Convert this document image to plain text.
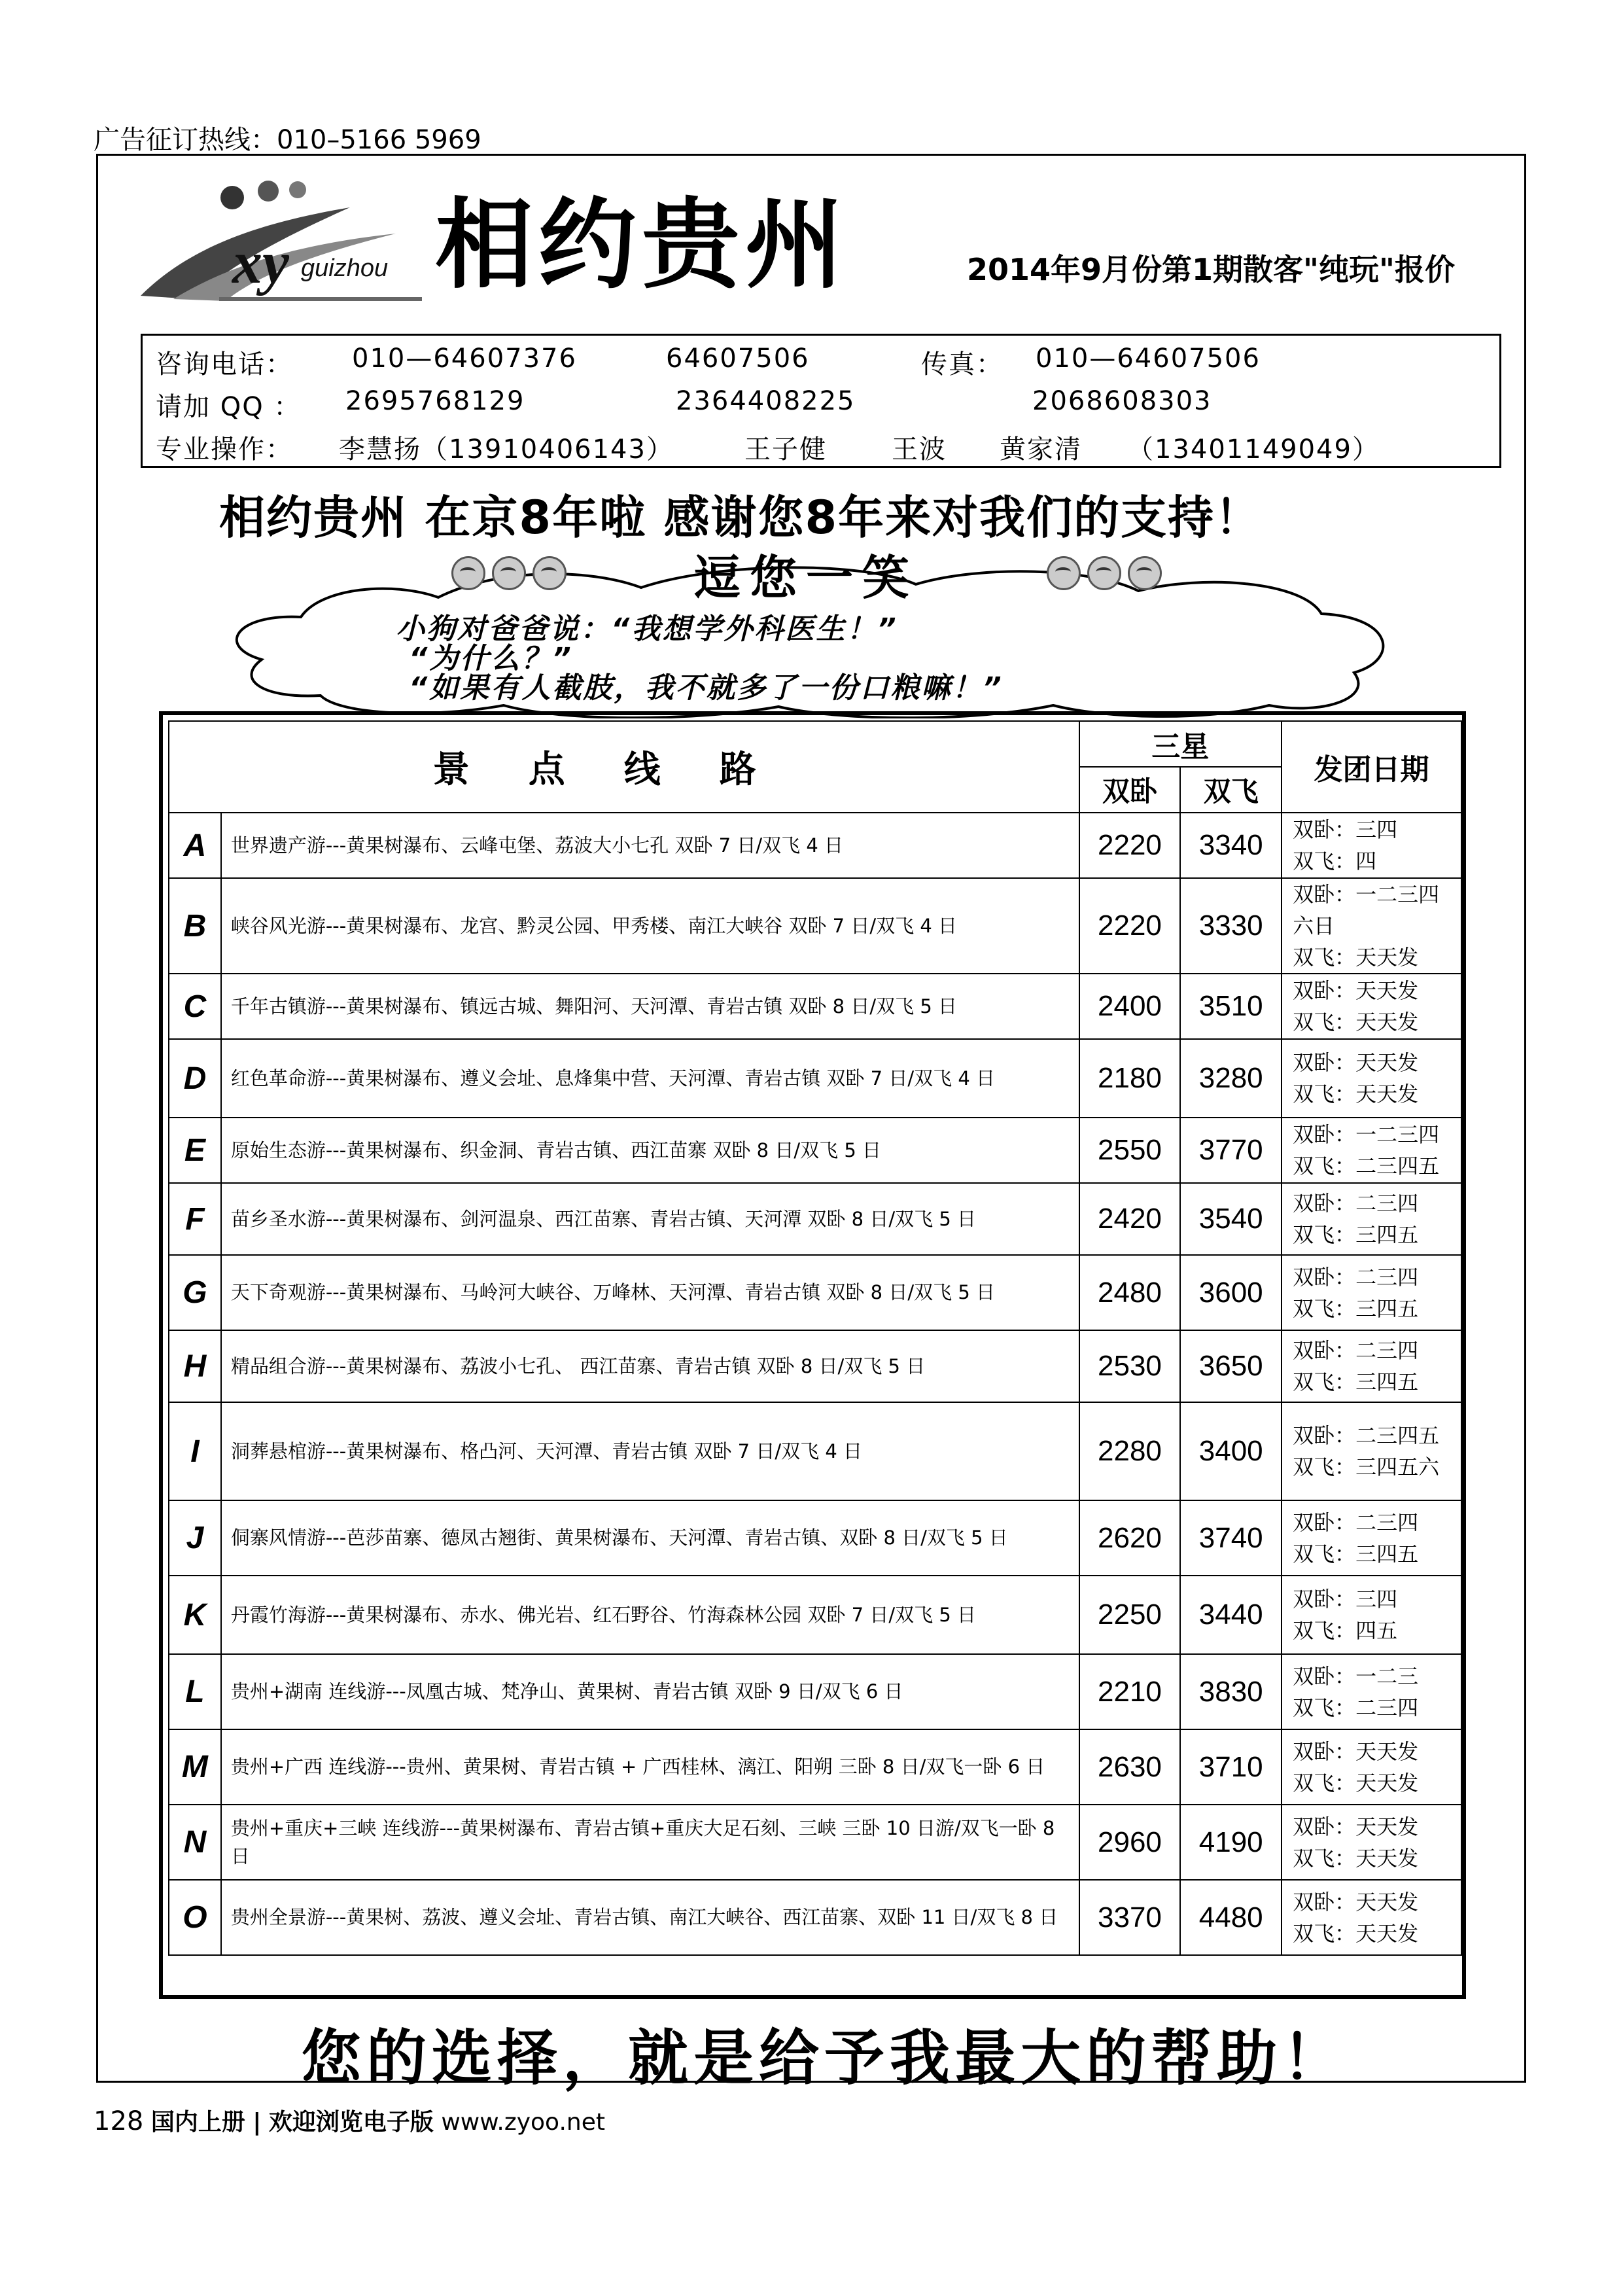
广告征订热线：010–5166 5969
xy guizhou 相约贵州	2014年9月份第1期散客"纯玩"报价
咨询电话： 010—64607376	64607506	传真： 010—64607506
请加 QQ ： 2695768129	2364408225	2068608303
专业操作： 李慧扬（13910406143）	王子健 王波 黄家清 （13401149049）
相约贵州 在京8年啦 感谢您8年来对我们的支持！
逗您一笑
小狗对爸爸说：“我想学外科医生！”
“为什么？”
“如果有人截肢，我不就多了一份口粮嘛！”
景点线路		三星		发团日期
		双卧	双飞	
A	世界遗产游---黄果树瀑布、云峰屯堡、荔波大小七孔 双卧 7 日/双飞 4 日	2220	3340	双卧：三四
双飞：四

B	峡谷风光游---黄果树瀑布、龙宫、黔灵公园、甲秀楼、南江大峡谷 双卧 7 日/双飞 4 日	2220	3330	双卧：一二三四
六日
双飞：天天发

C	千年古镇游---黄果树瀑布、镇远古城、舞阳河、天河潭、青岩古镇 双卧 8 日/双飞 5 日	2400	3510	双卧：天天发
双飞：天天发

D	红色革命游---黄果树瀑布、遵义会址、息烽集中营、天河潭、青岩古镇 双卧 7 日/双飞 4 日	2180	3280	双卧：天天发
双飞：天天发

E	原始生态游---黄果树瀑布、织金洞、青岩古镇、西江苗寨 双卧 8 日/双飞 5 日	2550	3770	双卧：一二三四
双飞：二三四五

F	苗乡圣水游---黄果树瀑布、剑河温泉、西江苗寨、青岩古镇、天河潭 双卧 8 日/双飞 5 日	2420	3540	双卧：二三四
双飞：三四五

G	天下奇观游---黄果树瀑布、马岭河大峡谷、万峰林、天河潭、青岩古镇 双卧 8 日/双飞 5 日	2480	3600	双卧：二三四
双飞：三四五

H	精品组合游---黄果树瀑布、荔波小七孔、 西江苗寨、青岩古镇 双卧 8 日/双飞 5 日	2530	3650	双卧：二三四
双飞：三四五

I	洞葬悬棺游---黄果树瀑布、格凸河、天河潭、青岩古镇 双卧 7 日/双飞 4 日	2280	3400	双卧：二三四五
双飞：三四五六

J	侗寨风情游---芭莎苗寨、德凤古翘街、黄果树瀑布、天河潭、青岩古镇、双卧 8 日/双飞 5 日	2620	3740	双卧：二三四
双飞：三四五

K	丹霞竹海游---黄果树瀑布、赤水、佛光岩、红石野谷、竹海森林公园 双卧 7 日/双飞 5 日	2250	3440	双卧：三四
双飞：四五

L	贵州+湖南 连线游---凤凰古城、梵净山、黄果树、青岩古镇 双卧 9 日/双飞 6 日	2210	3830	双卧：一二三
双飞：二三四

M	贵州+广西 连线游---贵州、黄果树、青岩古镇 + 广西桂林、漓江、阳朔 三卧 8 日/双飞一卧 6 日	2630	3710	双卧：天天发
双飞：天天发

N	贵州+重庆+三峡 连线游---黄果树瀑布、青岩古镇+重庆大足石刻、三峡 三卧 10 日游/双飞一卧 8 日	2960	4190	双卧：天天发
双飞：天天发

O	贵州全景游---黄果树、荔波、遵义会址、青岩古镇、南江大峡谷、西江苗寨、双卧 11 日/双飞 8 日	3370	4480	双卧：天天发
双飞：天天发
您的选择，就是给予我最大的帮助！
128 国内上册 | 欢迎浏览电子版 www.zyoo.net
